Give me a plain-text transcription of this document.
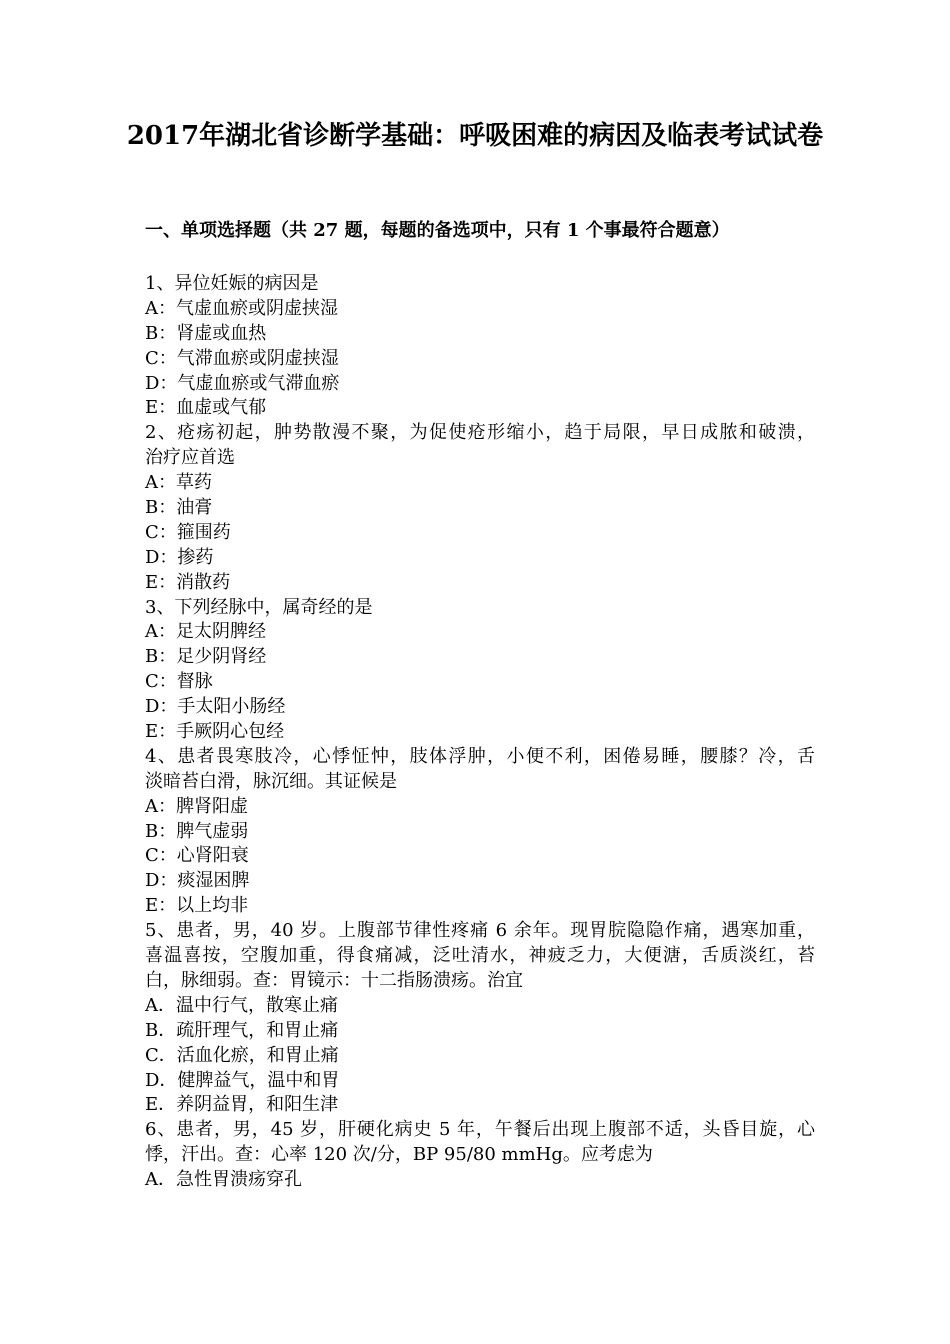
2017年湖北省诊断学基础：呼吸困难的病因及临表考试试卷
一、单项选择题（共 27 题，每题的备选项中，只有 1 个事最符合题意）
1、异位妊娠的病因是
A：气虚血瘀或阴虚挟湿
B：肾虚或血热
C：气滞血瘀或阴虚挟湿
D：气虚血瘀或气滞血瘀
E：血虚或气郁
2、疮疡初起，肿势散漫不聚，为促使疮形缩小，趋于局限，早日成脓和破溃，
治疗应首选
A：草药
B：油膏
C：箍围药
D：掺药
E：消散药
3、下列经脉中，属奇经的是
A：足太阴脾经
B：足少阴肾经
C：督脉
D：手太阳小肠经
E：手厥阴心包经
4、患者畏寒肢冷，心悸怔忡，肢体浮肿，小便不利，困倦易睡，腰膝？冷，舌
淡暗苔白滑，脉沉细。其证候是
A：脾肾阳虚
B：脾气虚弱
C：心肾阳衰
D：痰湿困脾
E：以上均非
5、患者，男，40 岁。上腹部节律性疼痛 6 余年。现胃脘隐隐作痛，遇寒加重，
喜温喜按，空腹加重，得食痛减，泛吐清水，神疲乏力，大便溏，舌质淡红，苔
白，脉细弱。查：胃镜示：十二指肠溃疡。治宜
A．温中行气，散寒止痛
B．疏肝理气，和胃止痛
C．活血化瘀，和胃止痛
D．健脾益气，温中和胃
E．养阴益胃，和阳生津
6、患者，男，45 岁，肝硬化病史 5 年，午餐后出现上腹部不适，头昏目旋，心
悸，汗出。查：心率 120 次/分，BP 95/80 mmHg。应考虑为
A．急性胃溃疡穿孔
